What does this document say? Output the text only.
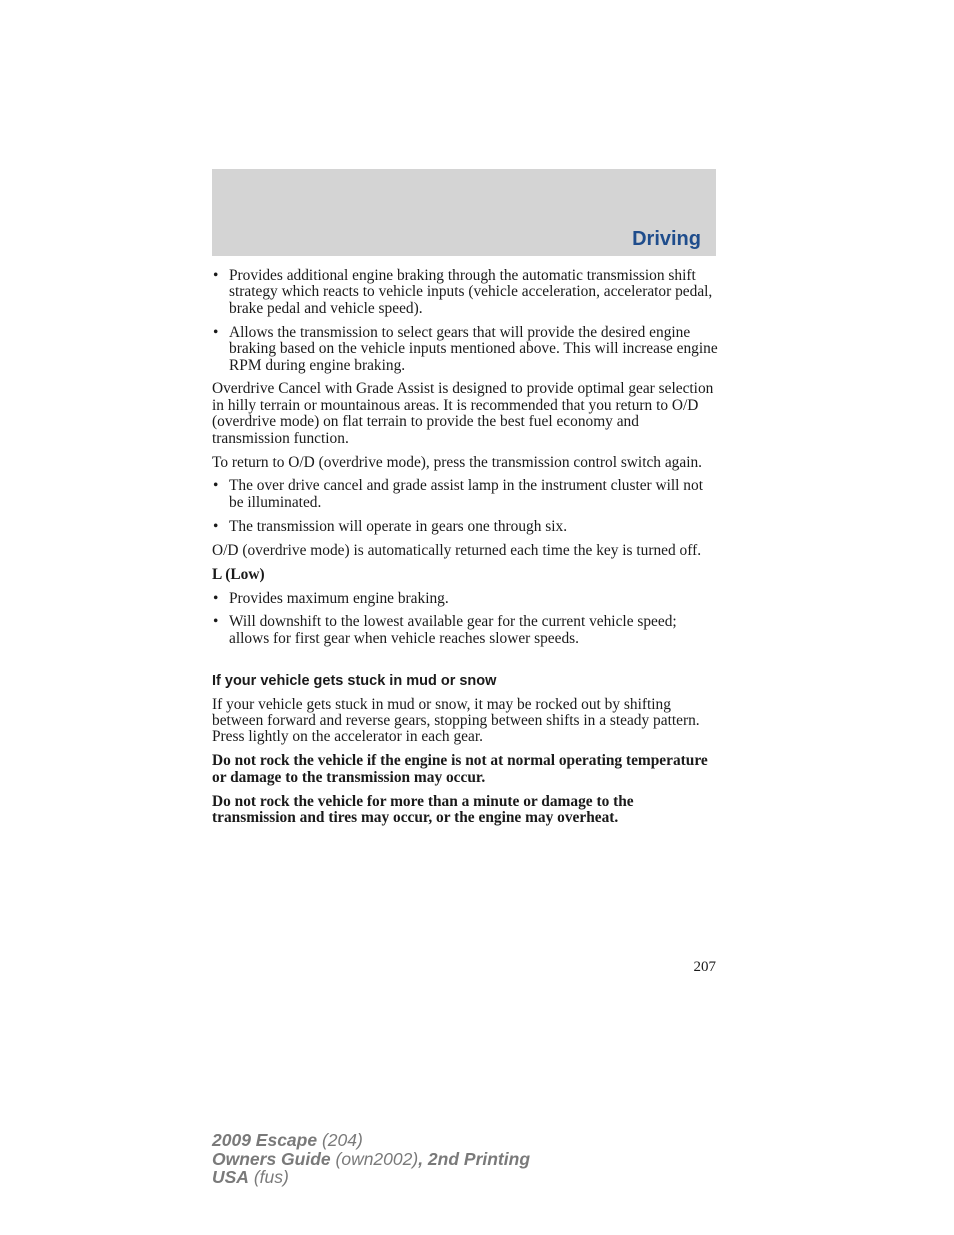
Driving
• Provides additional engine braking through the automatic transmission shift strategy which reacts to vehicle inputs (vehicle acceleration, accelerator pedal, brake pedal and vehicle speed).
• Allows the transmission to select gears that will provide the desired engine braking based on the vehicle inputs mentioned above. This will increase engine RPM during engine braking.

Overdrive Cancel with Grade Assist is designed to provide optimal gear selection in hilly terrain or mountainous areas. It is recommended that you return to O/D (overdrive mode) on flat terrain to provide the best fuel economy and transmission function.

To return to O/D (overdrive mode), press the transmission control switch again.

• The over drive cancel and grade assist lamp in the instrument cluster will not be illuminated.
• The transmission will operate in gears one through six.

O/D (overdrive mode) is automatically returned each time the key is turned off.

L (Low)

• Provides maximum engine braking.
• Will downshift to the lowest available gear for the current vehicle speed; allows for first gear when vehicle reaches slower speeds.

If your vehicle gets stuck in mud or snow

If your vehicle gets stuck in mud or snow, it may be rocked out by shifting between forward and reverse gears, stopping between shifts in a steady pattern. Press lightly on the accelerator in each gear.

Do not rock the vehicle if the engine is not at normal operating temperature or damage to the transmission may occur.

Do not rock the vehicle for more than a minute or damage to the transmission and tires may occur, or the engine may overheat.

207
2009 Escape (204)
Owners Guide (own2002), 2nd Printing
USA (fus)
